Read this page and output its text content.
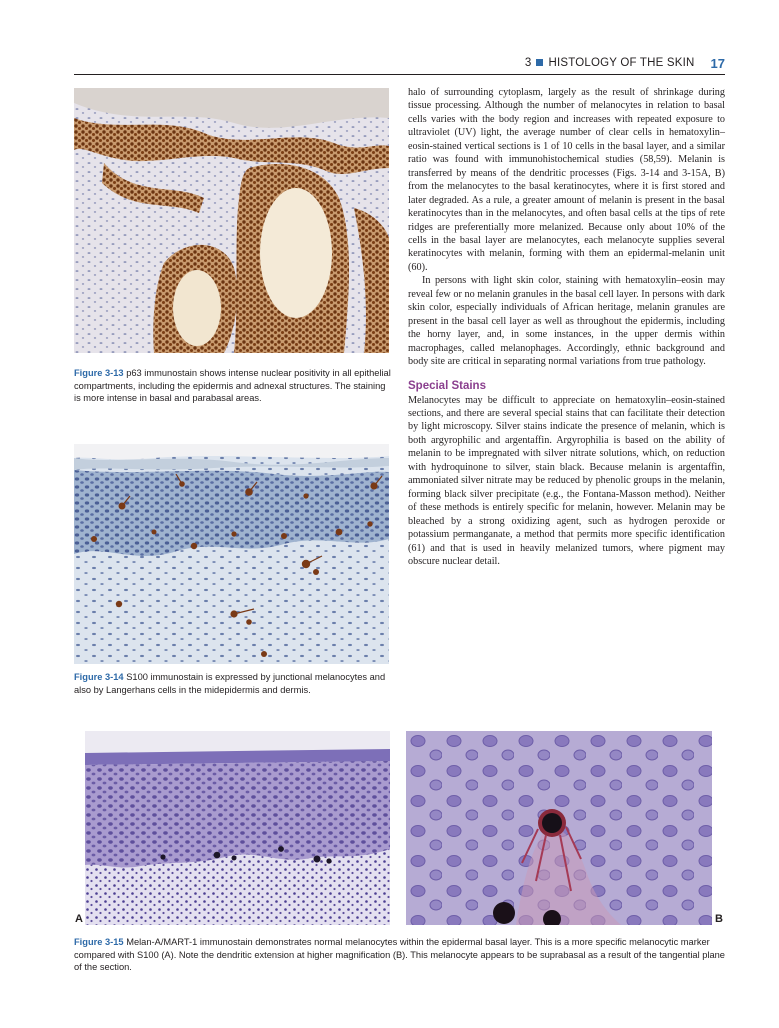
3 HISTOLOGY OF THE SKIN 17

Figure 3-13 p63 immunostain shows intense nuclear positivity in all epithelial compartments, including the epidermis and adnexal structures. The staining is more intense in basal and parabasal areas.

Figure 3-14 S100 immunostain is expressed by junctional melanocytes and also by Langerhans cells in the midepidermis and dermis.

halo of surrounding cytoplasm, largely as the result of shrinkage during tissue processing. Although the number of melanocytes in relation to basal cells varies with the body region and increases with repeated exposure to ultraviolet (UV) light, the average number of clear cells in hematoxylin–eosin-stained vertical sections is 1 of 10 cells in the basal layer, and a similar ratio was found with immunohistochemical studies (58,59). Melanin is transferred by means of the dendritic processes (Figs. 3-14 and 3-15A, B) from the melanocytes to the basal keratinocytes, where it is first stored and later degraded. As a rule, a greater amount of melanin is present in the basal keratinocytes than in the melanocytes, and often basal cells at the tips of rete ridges are preferentially more melanized. Because only about 10% of the cells in the basal layer are melanocytes, each melanocyte supplies several keratinocytes with melanin, forming with them an epidermal-melanin unit (60).

In persons with light skin color, staining with hematoxylin–eosin may reveal few or no melanin granules in the basal cell layer. In persons with dark skin color, especially individuals of African heritage, melanin granules are present in the basal cell layer as well as throughout the epidermis, including the horny layer, and, in some instances, in the upper dermis within macrophages, called melanophages. Accordingly, ethnic background and body site are critical in separating normal variations from true pathology.

Special Stains

Melanocytes may be difficult to appreciate on hematoxylin–eosin-stained sections, and there are several special stains that can facilitate their detection by light microscopy. Silver stains indicate the presence of melanin, which is both argyrophilic and argentaffin. Argyrophilia is based on the ability of melanin to be impregnated with silver nitrate solutions, which, on reduction with hydroquinone to silver, stain black. Because melanin is argentaffin, ammoniated silver nitrate may be reduced by phenolic groups in the melanin, forming black silver precipitate (e.g., the Fontana-Masson method). Neither of these methods is entirely specific for melanin, however. Melanin may be bleached by a strong oxidizing agent, such as hydrogen peroxide or potassium permanganate, a method that permits more specific identification (61) and that is used in heavily melanized tumors, where pigment may obscure nuclear detail.

A	B

Figure 3-15 Melan-A/MART-1 immunostain demonstrates normal melanocytes within the epidermal basal layer. This is a more specific melanocytic marker compared with S100 (A). Note the dendritic extension at higher magnification (B). This melanocyte appears to be suprabasal as a result of the tangential plane of the section.
